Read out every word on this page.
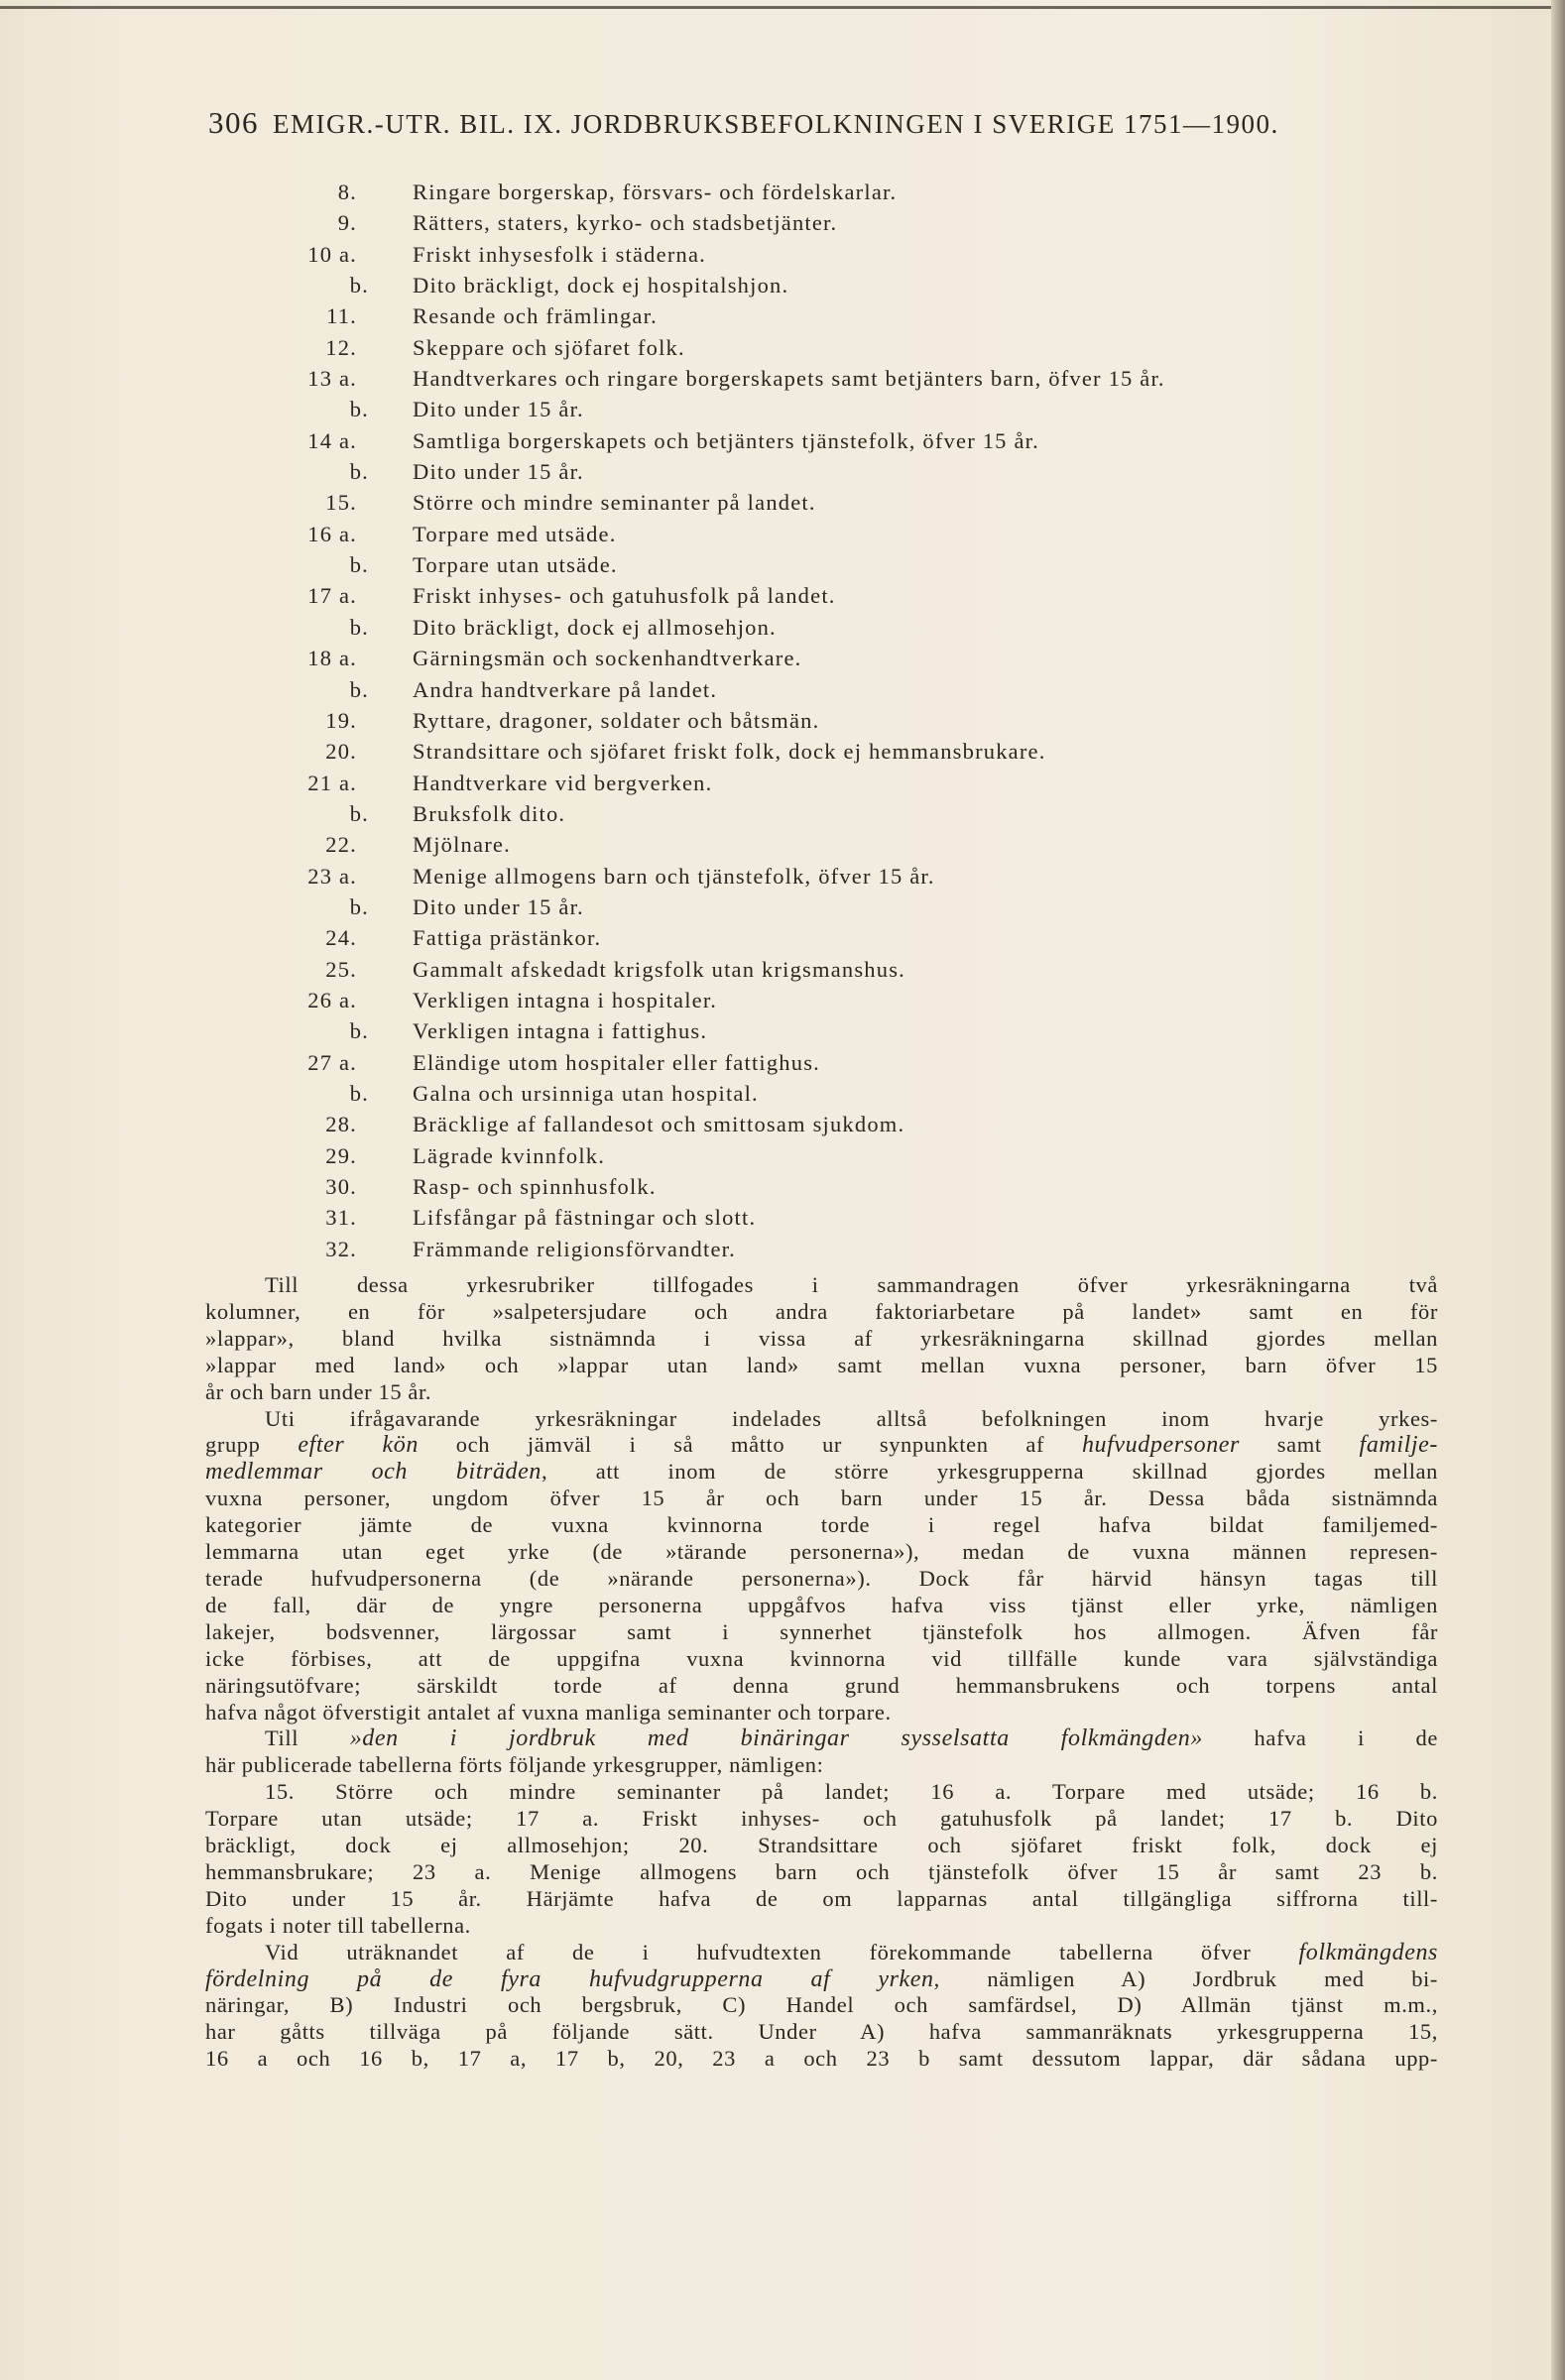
306 EMIGR.-UTR. BIL. IX. JORDBRUKSBEFOLKNINGEN I SVERIGE 1751—1900.
8. Ringare borgerskap, försvars- och fördelskarlar.
9. Rätters, staters, kyrko- och stadsbetjänter.
10 a. Friskt inhysesfolk i städerna.
b. Dito bräckligt, dock ej hospitalshjon.
11. Resande och främlingar.
12. Skeppare och sjöfaret folk.
13 a. Handtverkares och ringare borgerskapets samt betjänters barn, öfver 15 år.
b. Dito under 15 år.
14 a. Samtliga borgerskapets och betjänters tjänstefolk, öfver 15 år.
b. Dito under 15 år.
15. Större och mindre seminanter på landet.
16 a. Torpare med utsäde.
b. Torpare utan utsäde.
17 a. Friskt inhyses- och gatuhusfolk på landet.
b. Dito bräckligt, dock ej allmosehjon.
18 a. Gärningsmän och sockenhandtverkare.
b. Andra handtverkare på landet.
19. Ryttare, dragoner, soldater och båtsmän.
20. Strandsittare och sjöfaret friskt folk, dock ej hemmansbrukare.
21 a. Handtverkare vid bergverken.
b. Bruksfolk dito.
22. Mjölnare.
23 a. Menige allmogens barn och tjänstefolk, öfver 15 år.
b. Dito under 15 år.
24. Fattiga prästänkor.
25. Gammalt afskedadt krigsfolk utan krigsmanshus.
26 a. Verkligen intagna i hospitaler.
b. Verkligen intagna i fattighus.
27 a. Eländige utom hospitaler eller fattighus.
b. Galna och ursinniga utan hospital.
28. Bräcklige af fallandesot och smittosam sjukdom.
29. Lägrade kvinnfolk.
30. Rasp- och spinnhusfolk.
31. Lifsfångar på fästningar och slott.
32. Främmande religionsförvandter.

Till dessa yrkesrubriker tillfogades i sammandragen öfver yrkesräkningarna två
kolumner, en för »salpetersjudare och andra faktoriarbetare på landet» samt en för
»lappar», bland hvilka sistnämnda i vissa af yrkesräkningarna skillnad gjordes mellan
»lappar med land» och »lappar utan land» samt mellan vuxna personer, barn öfver 15
år och barn under 15 år.

Uti ifrågavarande yrkesräkningar indelades alltså befolkningen inom hvarje yrkes-
grupp efter kön och jämväl i så måtto ur synpunkten af hufvudpersoner samt familje-
medlemmar och biträden, att inom de större yrkesgrupperna skillnad gjordes mellan
vuxna personer, ungdom öfver 15 år och barn under 15 år. Dessa båda sistnämnda
kategorier jämte de vuxna kvinnorna torde i regel hafva bildat familjemed-
lemmarna utan eget yrke (de »tärande personerna»), medan de vuxna männen represen-
terade hufvudpersonerna (de »närande personerna»). Dock får härvid hänsyn tagas till
de fall, där de yngre personerna uppgåfvos hafva viss tjänst eller yrke, nämligen
lakejer, bodsvenner, lärgossar samt i synnerhet tjänstefolk hos allmogen. Äfven får
icke förbises, att de uppgifna vuxna kvinnorna vid tillfälle kunde vara självständiga
näringsutöfvare; särskildt torde af denna grund hemmansbrukens och torpens antal
hafva något öfverstigit antalet af vuxna manliga seminanter och torpare.

Till »den i jordbruk med binäringar sysselsatta folkmängden» hafva i de
här publicerade tabellerna förts följande yrkesgrupper, nämligen:
15. Större och mindre seminanter på landet; 16 a. Torpare med utsäde; 16 b.
Torpare utan utsäde; 17 a. Friskt inhyses- och gatuhusfolk på landet; 17 b. Dito
bräckligt, dock ej allmosehjon; 20. Strandsittare och sjöfaret friskt folk, dock ej
hemmansbrukare; 23 a. Menige allmogens barn och tjänstefolk öfver 15 år samt 23 b.
Dito under 15 år. Härjämte hafva de om lapparnas antal tillgängliga siffrorna till-
fogats i noter till tabellerna.

Vid uträknandet af de i hufvudtexten förekommande tabellerna öfver folkmängdens
fördelning på de fyra hufvudgrupperna af yrken, nämligen A) Jordbruk med bi-
näringar, B) Industri och bergsbruk, C) Handel och samfärdsel, D) Allmän tjänst m.m.,
har gåtts tillväga på följande sätt. Under A) hafva sammanräknats yrkesgrupperna 15,
16 a och 16 b, 17 a, 17 b, 20, 23 a och 23 b samt dessutom lappar, där sådana upp-
